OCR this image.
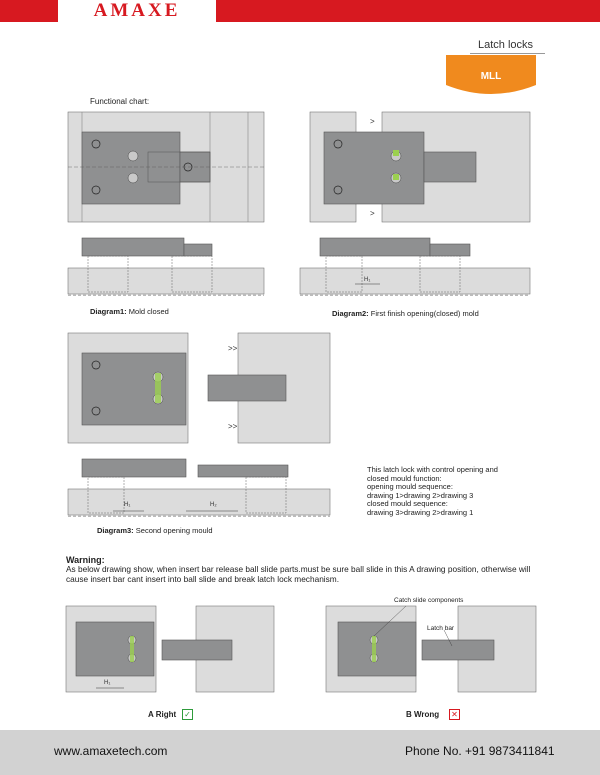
AMAXE
Latch locks
MLL
Functional chart:
Diagram1: Mold closed
>
>
H₁
Diagram2: First finish opening(closed) mold
>>
>>
H₁	H₂
Diagram3: Second opening mould
This latch lock with control opening and
closed mould function:
opening mould sequence:
drawing 1>drawing 2>drawing 3
closed mould sequence:
drawing 3>drawing 2>drawing 1
Warning:
As below drawing show, when insert bar release ball slide parts.must be sure ball slide in this A drawing position, otherwise will cause insert bar cant insert into ball slide and break latch lock mechanism.
H₁
Catch slide components
Latch bar
A Right ✓	B Wrong ✕
www.amaxetech.com	Phone No. +91 9873411841
